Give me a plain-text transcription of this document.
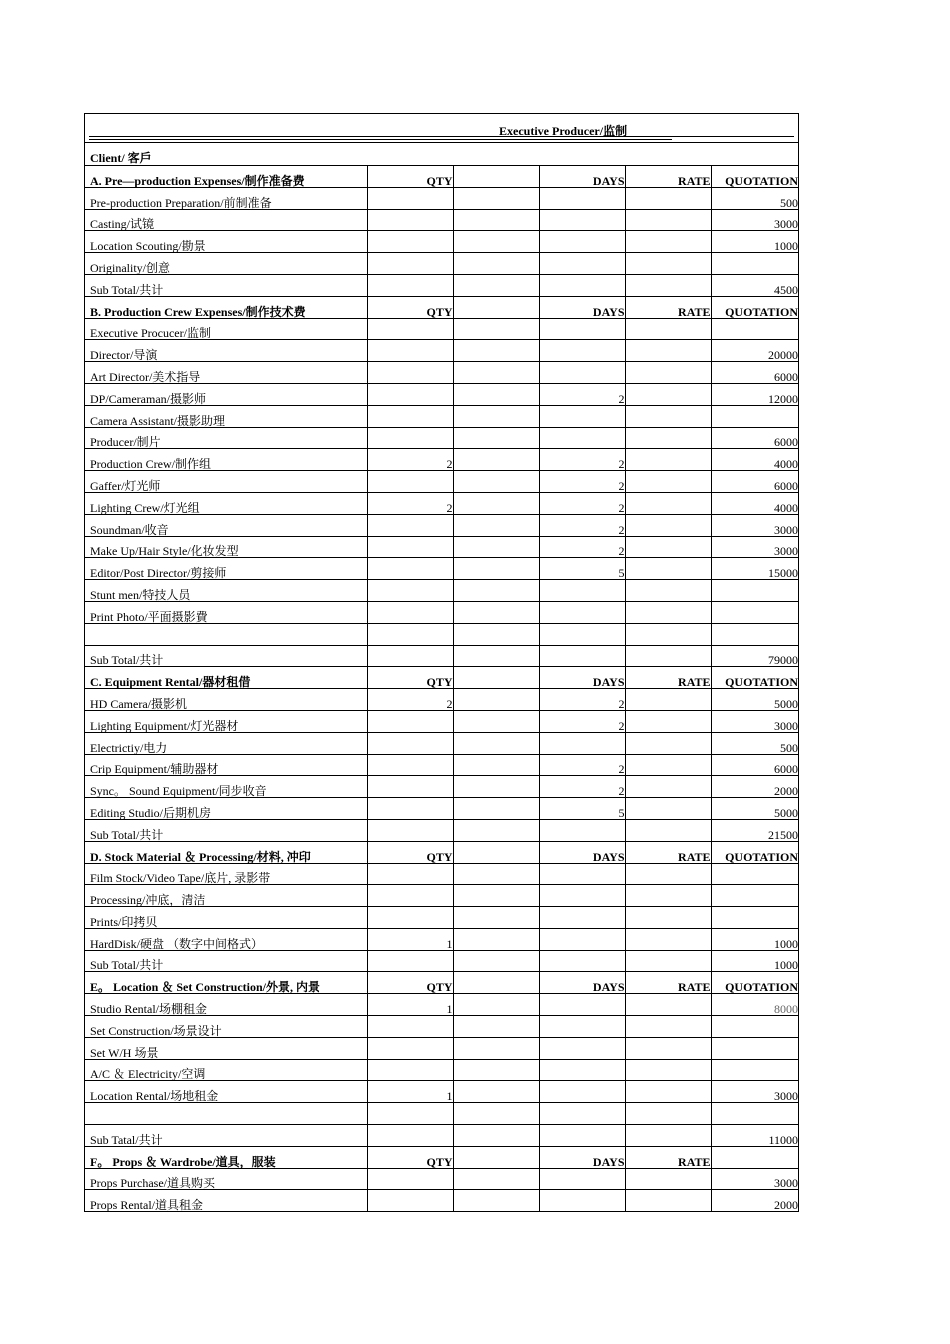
Executive Producer/监制
Client/ 客戶
A. Pre—production Expenses/制作准备费	QTY		DAYS	RATE	QUOTATION
Pre-production Preparation/前制准备					500
Casting/试镜					3000
Location Scouting/勘景					1000
Originality/创意					
Sub Total/共计					4500
B. Production Crew Expenses/制作技术费	QTY		DAYS	RATE	QUOTATION
Executive Procucer/监制					
Director/导演					20000
Art Director/美术指导					6000
DP/Cameraman/摄影师			2		12000
Camera Assistant/摄影助理					
Producer/制片					6000
Production Crew/制作组	2		2		4000
Gaffer/灯光师			2		6000
Lighting Crew/灯光组	2		2		4000
Soundman/收音			2		3000
Make Up/Hair Style/化妆发型			2		3000
Editor/Post Director/剪接师			5		15000
Stunt men/特技人员					
Print Photo/平面摄影費					

Sub Total/共计					79000
C. Equipment Rental/器材租借	QTY		DAYS	RATE	QUOTATION
HD Camera/摄影机	2		2		5000
Lighting Equipment/灯光器材			2		3000
Electrictiy/电力					500
Crip Equipment/辅助器材			2		6000
Sync。 Sound Equipment/同步收音			2		2000
Editing Studio/后期机房			5		5000
Sub Total/共计					21500
D. Stock Material ＆ Processing/材料, 冲印	QTY		DAYS	RATE	QUOTATION
Film Stock/Video Tape/底片, 录影带					
Processing/冲底，清洁					
Prints/印拷贝					
HardDisk/硬盘 （数字中间格式）	1				1000
Sub Total/共计					1000
E。 Location ＆ Set Construction/外景, 内景	QTY		DAYS	RATE	QUOTATION
Studio Rental/场棚租金	1				8000
Set Construction/场景设计					
Set W/H 场景					
A/C ＆ Electricity/空调					
Location Rental/场地租金	1				3000

Sub Tatal/共计					11000
F。 Props ＆ Wardrobe/道具，服装	QTY		DAYS	RATE	
Props Purchase/道具购买					3000
Props Rental/道具租金					2000
